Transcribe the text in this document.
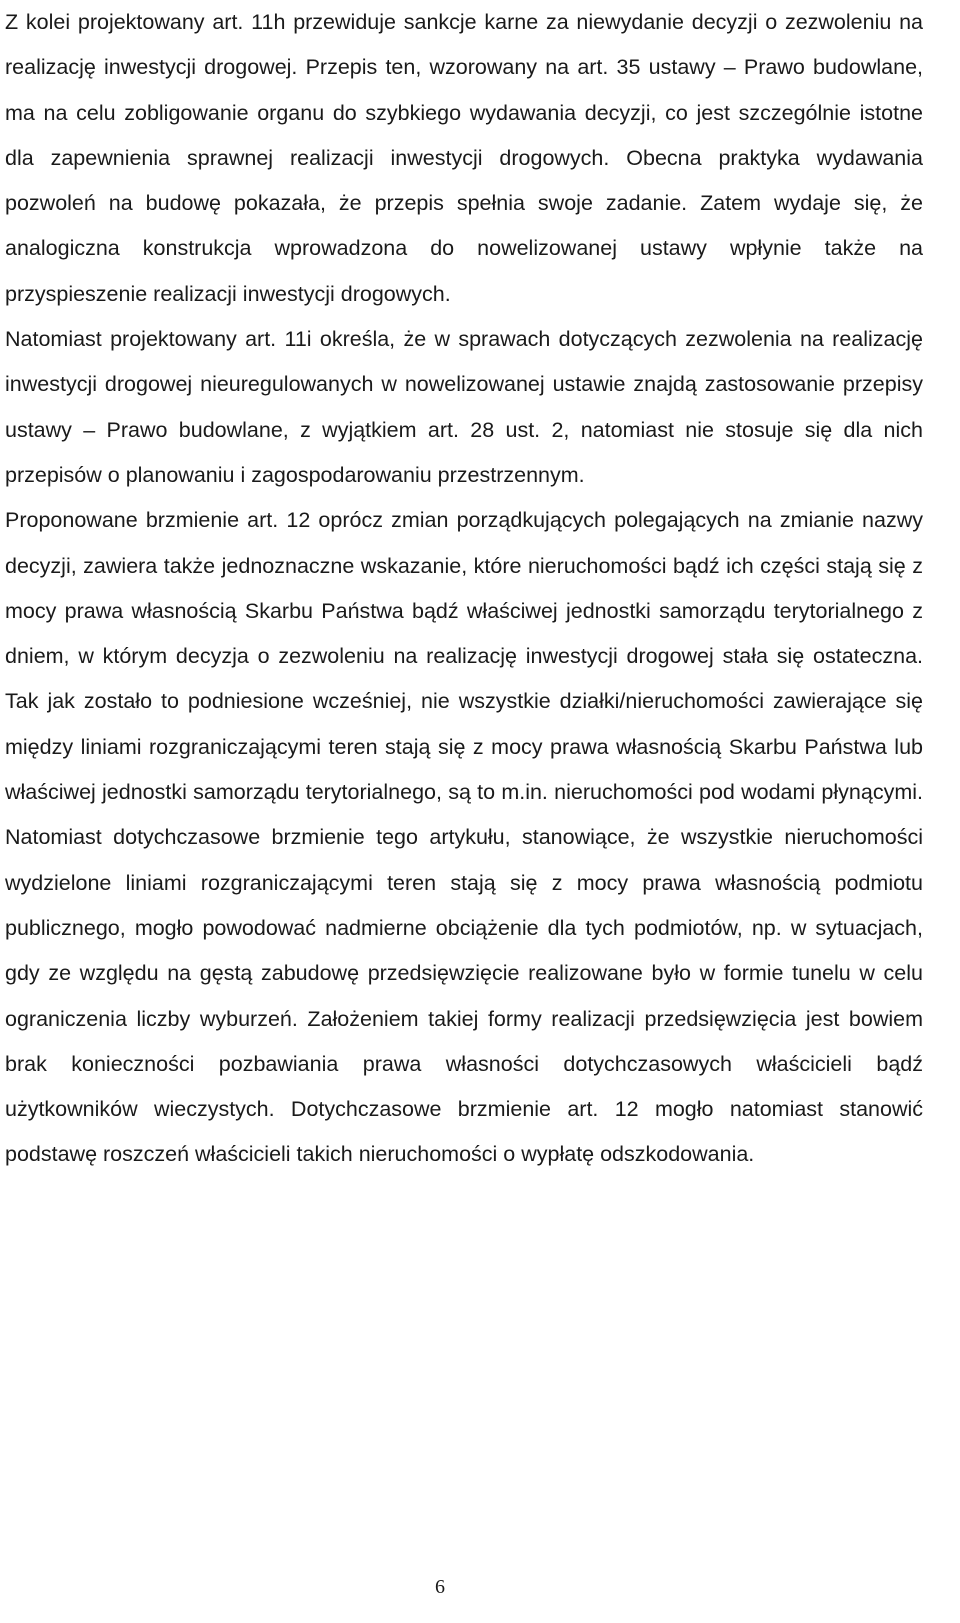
Z kolei projektowany art. 11h przewiduje sankcje karne za niewydanie decyzji o zezwoleniu na realizację inwestycji drogowej. Przepis ten, wzorowany na art. 35 ustawy – Prawo budowlane, ma na celu zobligowanie organu do szybkiego wydawania decyzji, co jest szczególnie istotne dla zapewnienia sprawnej realizacji inwestycji drogowych. Obecna praktyka wydawania pozwoleń na budowę pokazała, że przepis spełnia swoje zadanie. Zatem wydaje się, że analogiczna konstrukcja wprowadzona do nowelizowanej ustawy wpłynie także na przyspieszenie realizacji inwestycji drogowych.

Natomiast projektowany art. 11i określa, że w sprawach dotyczących zezwolenia na realizację inwestycji drogowej nieuregulowanych w nowelizowanej ustawie znajdą zastosowanie przepisy ustawy – Prawo budowlane, z wyjątkiem art. 28 ust. 2, natomiast nie stosuje się dla nich przepisów o planowaniu i zagospodarowaniu przestrzennym.

Proponowane brzmienie art. 12 oprócz zmian porządkujących polegających na zmianie nazwy decyzji, zawiera także jednoznaczne wskazanie, które nieruchomości bądź ich części stają się z mocy prawa własnością Skarbu Państwa bądź właściwej jednostki samorządu terytorialnego z dniem, w którym decyzja o zezwoleniu na realizację inwestycji drogowej stała się ostateczna. Tak jak zostało to podniesione wcześniej, nie wszystkie działki/nieruchomości zawierające się między liniami rozgraniczającymi teren stają się z mocy prawa własnością Skarbu Państwa lub właściwej jednostki samorządu terytorialnego, są to m.in. nieruchomości pod wodami płynącymi. Natomiast dotychczasowe brzmienie tego artykułu, stanowiące, że wszystkie nieruchomości wydzielone liniami rozgraniczającymi teren stają się z mocy prawa własnością podmiotu publicznego, mogło powodować nadmierne obciążenie dla tych podmiotów, np. w sytuacjach, gdy ze względu na gęstą zabudowę przedsięwzięcie realizowane było w formie tunelu w celu ograniczenia liczby wyburzeń. Założeniem takiej formy realizacji przedsięwzięcia jest bowiem brak konieczności pozbawiania prawa własności dotychczasowych właścicieli bądź użytkowników wieczystych. Dotychczasowe brzmienie art. 12 mogło natomiast stanowić podstawę roszczeń właścicieli takich nieruchomości o wypłatę odszkodowania.

6
